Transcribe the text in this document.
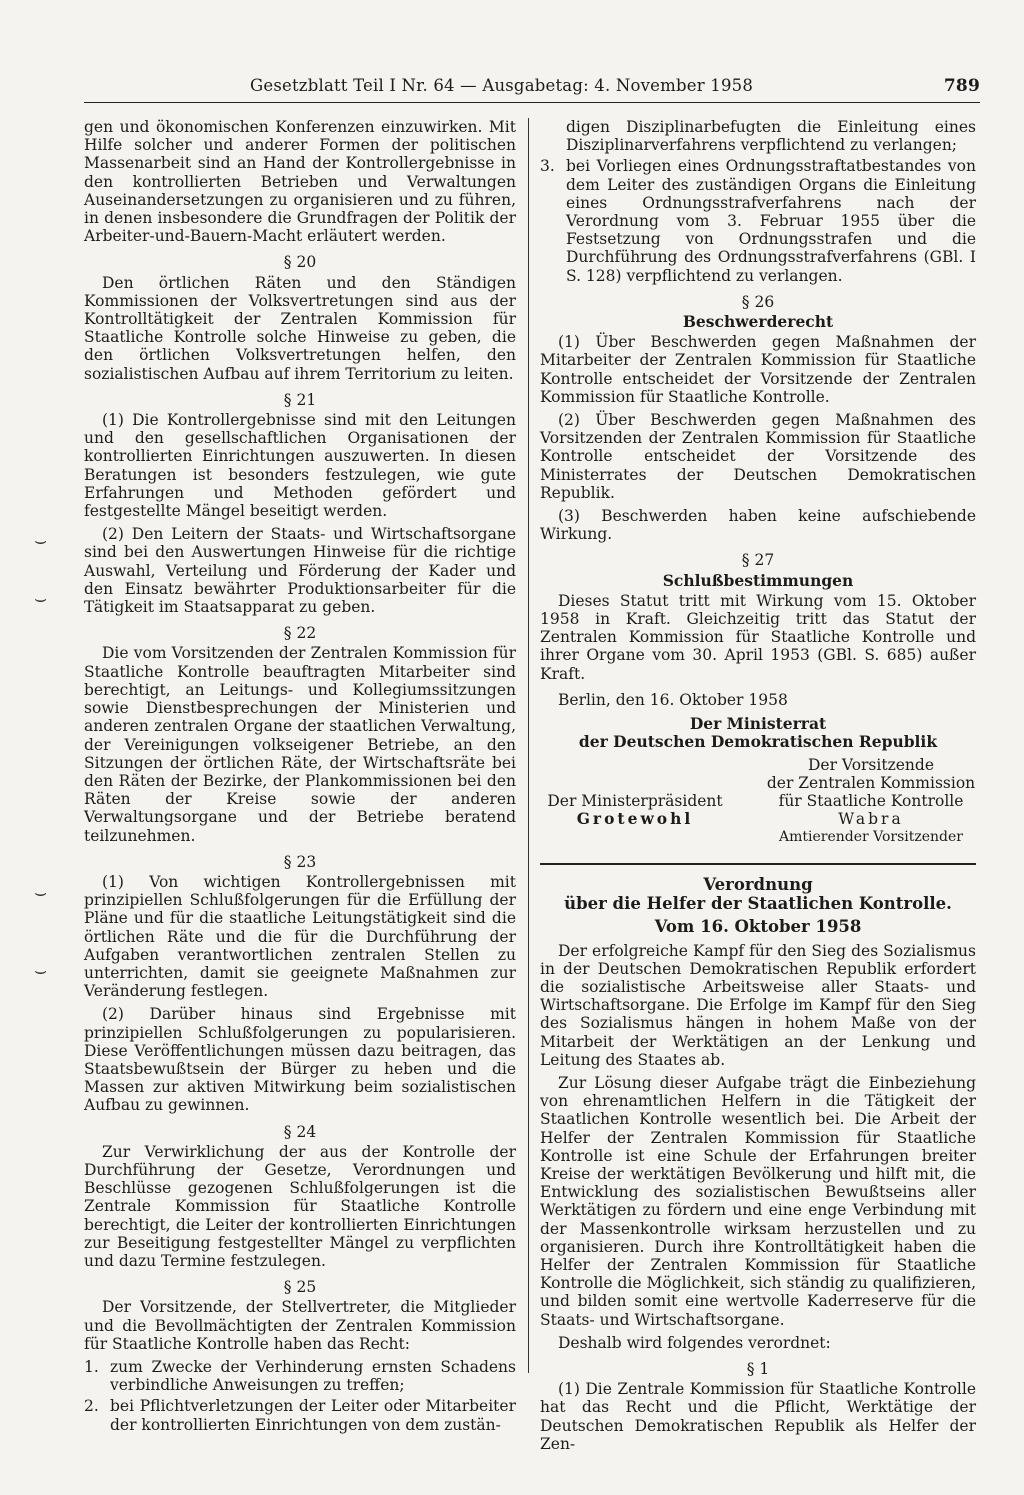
Gesetzblatt Teil I Nr. 64 — Ausgabetag: 4. November 1958	789
⌣
⌣
⌣
⌣

gen und ökonomischen Konferenzen einzuwirken. Mit Hilfe solcher und anderer Formen der politischen Massenarbeit sind an Hand der Kontrollergebnisse in den kontrollierten Betrieben und Verwaltungen Auseinandersetzungen zu organisieren und zu führen, in denen insbesondere die Grundfragen der Politik der Arbeiter-und-Bauern-Macht erläutert werden.

§ 20

Den örtlichen Räten und den Ständigen Kommissionen der Volksvertretungen sind aus der Kontrolltätigkeit der Zentralen Kommission für Staatliche Kontrolle solche Hinweise zu geben, die den örtlichen Volksvertretungen helfen, den sozialistischen Aufbau auf ihrem Territorium zu leiten.

§ 21

(1) Die Kontrollergebnisse sind mit den Leitungen und den gesellschaftlichen Organisationen der kontrollierten Einrichtungen auszuwerten. In diesen Beratungen ist besonders festzulegen, wie gute Erfahrungen und Methoden gefördert und festgestellte Mängel beseitigt werden.

(2) Den Leitern der Staats- und Wirtschaftsorgane sind bei den Auswertungen Hinweise für die richtige Auswahl, Verteilung und Förderung der Kader und den Einsatz bewährter Produktionsarbeiter für die Tätigkeit im Staatsapparat zu geben.

§ 22

Die vom Vorsitzenden der Zentralen Kommission für Staatliche Kontrolle beauftragten Mitarbeiter sind berechtigt, an Leitungs- und Kollegiumssitzungen sowie Dienstbesprechungen der Ministerien und anderen zentralen Organe der staatlichen Verwaltung, der Vereinigungen volkseigener Betriebe, an den Sitzungen der örtlichen Räte, der Wirtschaftsräte bei den Räten der Bezirke, der Plankommissionen bei den Räten der Kreise sowie der anderen Verwaltungsorgane und der Betriebe beratend teilzunehmen.

§ 23

(1) Von wichtigen Kontrollergebnissen mit prinzipiellen Schlußfolgerungen für die Erfüllung der Pläne und für die staatliche Leitungstätigkeit sind die örtlichen Räte und die für die Durchführung der Aufgaben verantwortlichen zentralen Stellen zu unterrichten, damit sie geeignete Maßnahmen zur Veränderung festlegen.

(2) Darüber hinaus sind Ergebnisse mit prinzipiellen Schlußfolgerungen zu popularisieren. Diese Veröffentlichungen müssen dazu beitragen, das Staatsbewußtsein der Bürger zu heben und die Massen zur aktiven Mitwirkung beim sozialistischen Aufbau zu gewinnen.

§ 24

Zur Verwirklichung der aus der Kontrolle der Durchführung der Gesetze, Verordnungen und Beschlüsse gezogenen Schlußfolgerungen ist die Zentrale Kommission für Staatliche Kontrolle berechtigt, die Leiter der kontrollierten Einrichtungen zur Beseitigung festgestellter Mängel zu verpflichten und dazu Termine festzulegen.

§ 25

Der Vorsitzende, der Stellvertreter, die Mitglieder und die Bevollmächtigten der Zentralen Kommission für Staatliche Kontrolle haben das Recht:

1. zum Zwecke der Verhinderung ernsten Schadens verbindliche Anweisungen zu treffen;
2. bei Pflichtverletzungen der Leiter oder Mitarbeiter der kontrollierten Einrichtungen von dem zustän-
digen Disziplinarbefugten die Einleitung eines Disziplinarverfahrens verpflichtend zu verlangen;
3. bei Vorliegen eines Ordnungsstraftatbestandes von dem Leiter des zuständigen Organs die Einleitung eines Ordnungsstrafverfahrens nach der Verordnung vom 3. Februar 1955 über die Festsetzung von Ordnungsstrafen und die Durchführung des Ordnungsstrafverfahrens (GBl. I S. 128) verpflichtend zu verlangen.
§ 26
Beschwerderecht

(1) Über Beschwerden gegen Maßnahmen der Mitarbeiter der Zentralen Kommission für Staatliche Kontrolle entscheidet der Vorsitzende der Zentralen Kommission für Staatliche Kontrolle.

(2) Über Beschwerden gegen Maßnahmen des Vorsitzenden der Zentralen Kommission für Staatliche Kontrolle entscheidet der Vorsitzende des Ministerrates der Deutschen Demokratischen Republik.

(3) Beschwerden haben keine aufschiebende Wirkung.

§ 27
Schlußbestimmungen

Dieses Statut tritt mit Wirkung vom 15. Oktober 1958 in Kraft. Gleichzeitig tritt das Statut der Zentralen Kommission für Staatliche Kontrolle und ihrer Organe vom 30. April 1953 (GBl. S. 685) außer Kraft.

Berlin, den 16. Oktober 1958

Der Ministerrat
der Deutschen Demokratischen Republik
Der Ministerpräsident
Grotewohl
Der Vorsitzende
der Zentralen Kommission
für Staatliche Kontrolle
Wabra
Amtierender Vorsitzender
Verordnung
über die Helfer der Staatlichen Kontrolle.
Vom 16. Oktober 1958

Der erfolgreiche Kampf für den Sieg des Sozialismus in der Deutschen Demokratischen Republik erfordert die sozialistische Arbeitsweise aller Staats- und Wirtschaftsorgane. Die Erfolge im Kampf für den Sieg des Sozialismus hängen in hohem Maße von der Mitarbeit der Werktätigen an der Lenkung und Leitung des Staates ab.

Zur Lösung dieser Aufgabe trägt die Einbeziehung von ehrenamtlichen Helfern in die Tätigkeit der Staatlichen Kontrolle wesentlich bei. Die Arbeit der Helfer der Zentralen Kommission für Staatliche Kontrolle ist eine Schule der Erfahrungen breiter Kreise der werktätigen Bevölkerung und hilft mit, die Entwicklung des sozialistischen Bewußtseins aller Werktätigen zu fördern und eine enge Verbindung mit der Massenkontrolle wirksam herzustellen und zu organisieren. Durch ihre Kontrolltätigkeit haben die Helfer der Zentralen Kommission für Staatliche Kontrolle die Möglichkeit, sich ständig zu qualifizieren, und bilden somit eine wertvolle Kaderreserve für die Staats- und Wirtschaftsorgane.

Deshalb wird folgendes verordnet:

§ 1

(1) Die Zentrale Kommission für Staatliche Kontrolle hat das Recht und die Pflicht, Werktätige der Deutschen Demokratischen Republik als Helfer der Zen-
